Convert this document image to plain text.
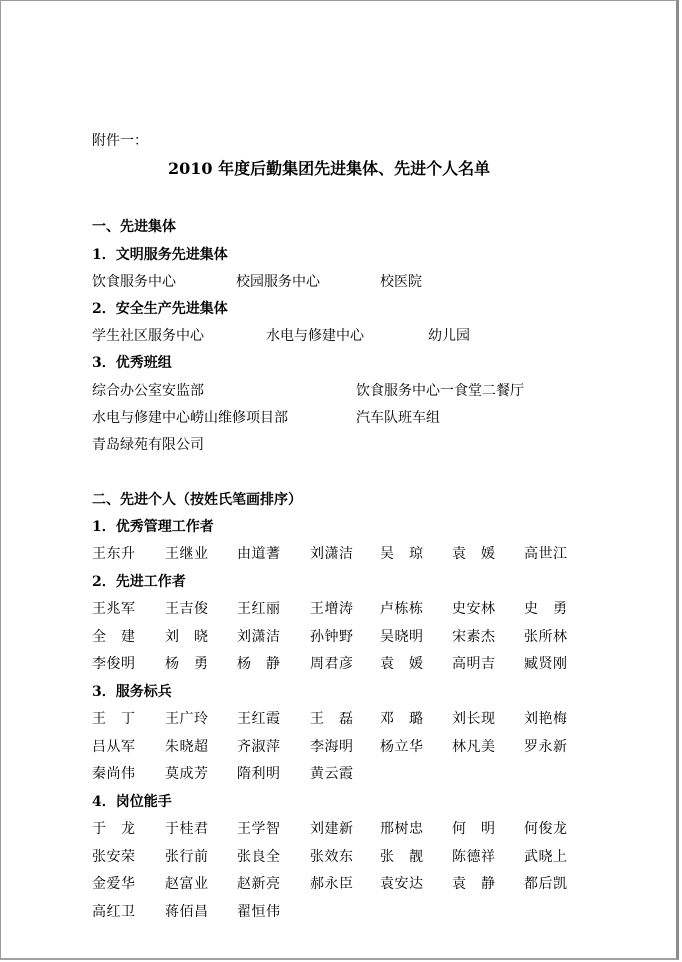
附件一：
2010 年度后勤集团先进集体、先进个人名单
一、先进集体
1．文明服务先进集体
饮食服务中心	校园服务中心	校医院
2．安全生产先进集体
学生社区服务中心	水电与修建中心	幼儿园
3．优秀班组
综合办公室安监部	饮食服务中心一食堂二餐厅
水电与修建中心崂山维修项目部	汽车队班车组
青岛绿苑有限公司
二、先进个人（按姓氏笔画排序）
1．优秀管理工作者
2．先进工作者
3．服务标兵
4．岗位能手
王东升 王继业 由道蓍 刘潇洁 吴　琼 袁　媛 高世江
王兆军 王吉俊 王红丽 王增涛 卢栋栋 史安林 史　勇
全　建 刘　晓 刘潇洁 孙钟野 吴晓明 宋素杰 张所林
李俊明 杨　勇 杨　静 周君彦 袁　媛 高明吉 臧贤刚
王　丁 王广玲 王红霞 王　磊 邓　璐 刘长现 刘艳梅
吕从军 朱晓超 齐淑萍 李海明 杨立华 林凡美 罗永新
秦尚伟 莫成芳 隋利明 黄云霞
于　龙 于桂君 王学智 刘建新 邢树忠 何　明 何俊龙
张安荣 张行前 张良全 张效东 张　靓 陈德祥 武晓上
金爱华 赵富业 赵新亮 郝永臣 袁安达 袁　静 都后凯
高红卫 蒋佰昌 翟恒伟
